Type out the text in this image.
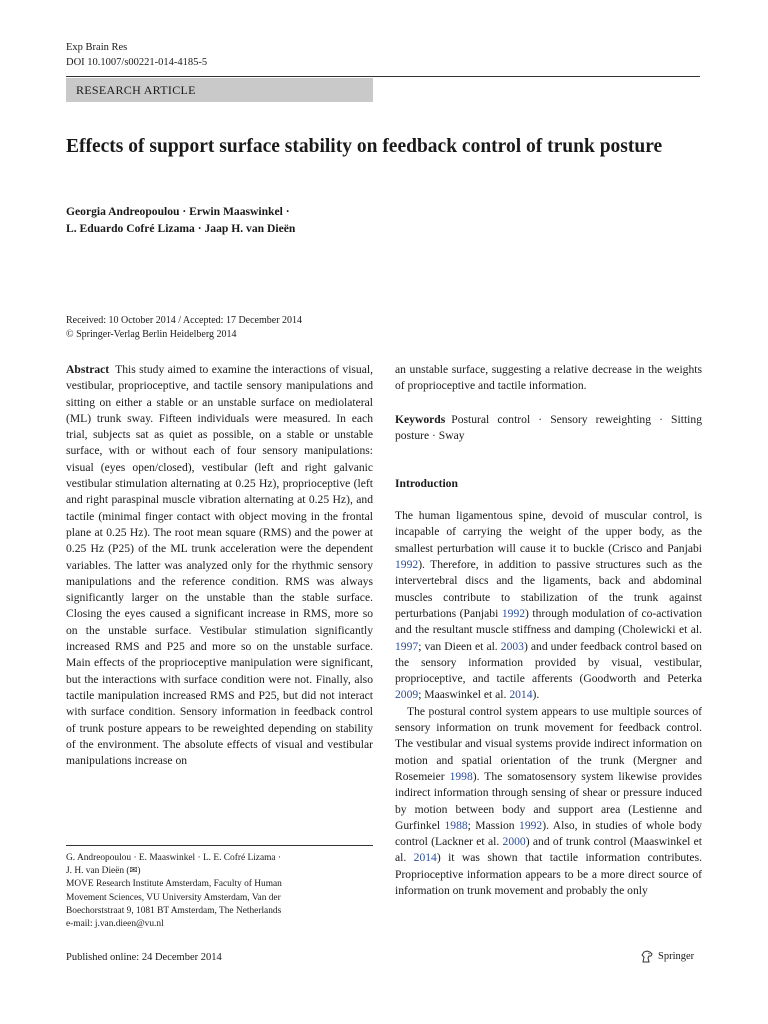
Exp Brain Res
DOI 10.1007/s00221-014-4185-5
RESEARCH ARTICLE
Effects of support surface stability on feedback control of trunk posture
Georgia Andreopoulou · Erwin Maaswinkel ·
L. Eduardo Cofré Lizama · Jaap H. van Dieën
Received: 10 October 2014 / Accepted: 17 December 2014
© Springer-Verlag Berlin Heidelberg 2014

Abstract This study aimed to examine the interactions of visual, vestibular, proprioceptive, and tactile sensory manipulations and sitting on either a stable or an unstable surface on mediolateral (ML) trunk sway. Fifteen individuals were measured. In each trial, subjects sat as quiet as possible, on a stable or unstable surface, with or without each of four sensory manipulations: visual (eyes open/closed), vestibular (left and right galvanic vestibular stimulation alternating at 0.25 Hz), proprioceptive (left and right paraspinal muscle vibration alternating at 0.25 Hz), and tactile (minimal finger contact with object moving in the frontal plane at 0.25 Hz). The root mean square (RMS) and the power at 0.25 Hz (P25) of the ML trunk acceleration were the dependent variables. The latter was analyzed only for the rhythmic sensory manipulations and the reference condition. RMS was always significantly larger on the unstable than the stable surface. Closing the eyes caused a significant increase in RMS, more so on the unstable surface. Vestibular stimulation significantly increased RMS and P25 and more so on the unstable surface. Main effects of the proprioceptive manipulation were significant, but the interactions with surface condition were not. Finally, also tactile manipulation increased RMS and P25, but did not interact with surface condition. Sensory information in feedback control of trunk posture appears to be reweighted depending on stability of the environment. The absolute effects of visual and vestibular manipulations increase on

G. Andreopoulou · E. Maaswinkel · L. E. Cofré Lizama ·
J. H. van Dieën (✉)
MOVE Research Institute Amsterdam, Faculty of Human
Movement Sciences, VU University Amsterdam, Van der
Boechorststraat 9, 1081 BT Amsterdam, The Netherlands
e-mail: j.van.dieen@vu.nl

an unstable surface, suggesting a relative decrease in the weights of proprioceptive and tactile information.

Keywords Postural control · Sensory reweighting · Sitting posture · Sway

Introduction

The human ligamentous spine, devoid of muscular control, is incapable of carrying the weight of the upper body, as the smallest perturbation will cause it to buckle (Crisco and Panjabi 1992). Therefore, in addition to passive structures such as the intervertebral discs and the ligaments, back and abdominal muscles contribute to stabilization of the trunk against perturbations (Panjabi 1992) through modulation of co-activation and the resultant muscle stiffness and damping (Cholewicki et al. 1997; van Dieen et al. 2003) and under feedback control based on the sensory information provided by visual, vestibular, proprioceptive, and tactile afferents (Goodworth and Peterka 2009; Maaswinkel et al. 2014).

The postural control system appears to use multiple sources of sensory information on trunk movement for feedback control. The vestibular and visual systems provide indirect information on motion and spatial orientation of the trunk (Mergner and Rosemeier 1998). The somatosensory system likewise provides indirect information through sensing of shear or pressure induced by motion between body and support area (Lestienne and Gurfinkel 1988; Massion 1992). Also, in studies of whole body control (Lackner et al. 2000) and of trunk control (Maaswinkel et al. 2014) it was shown that tactile information contributes. Proprioceptive information appears to be a more direct source of information on trunk movement and probably the only

Published online: 24 December 2014	Springer
